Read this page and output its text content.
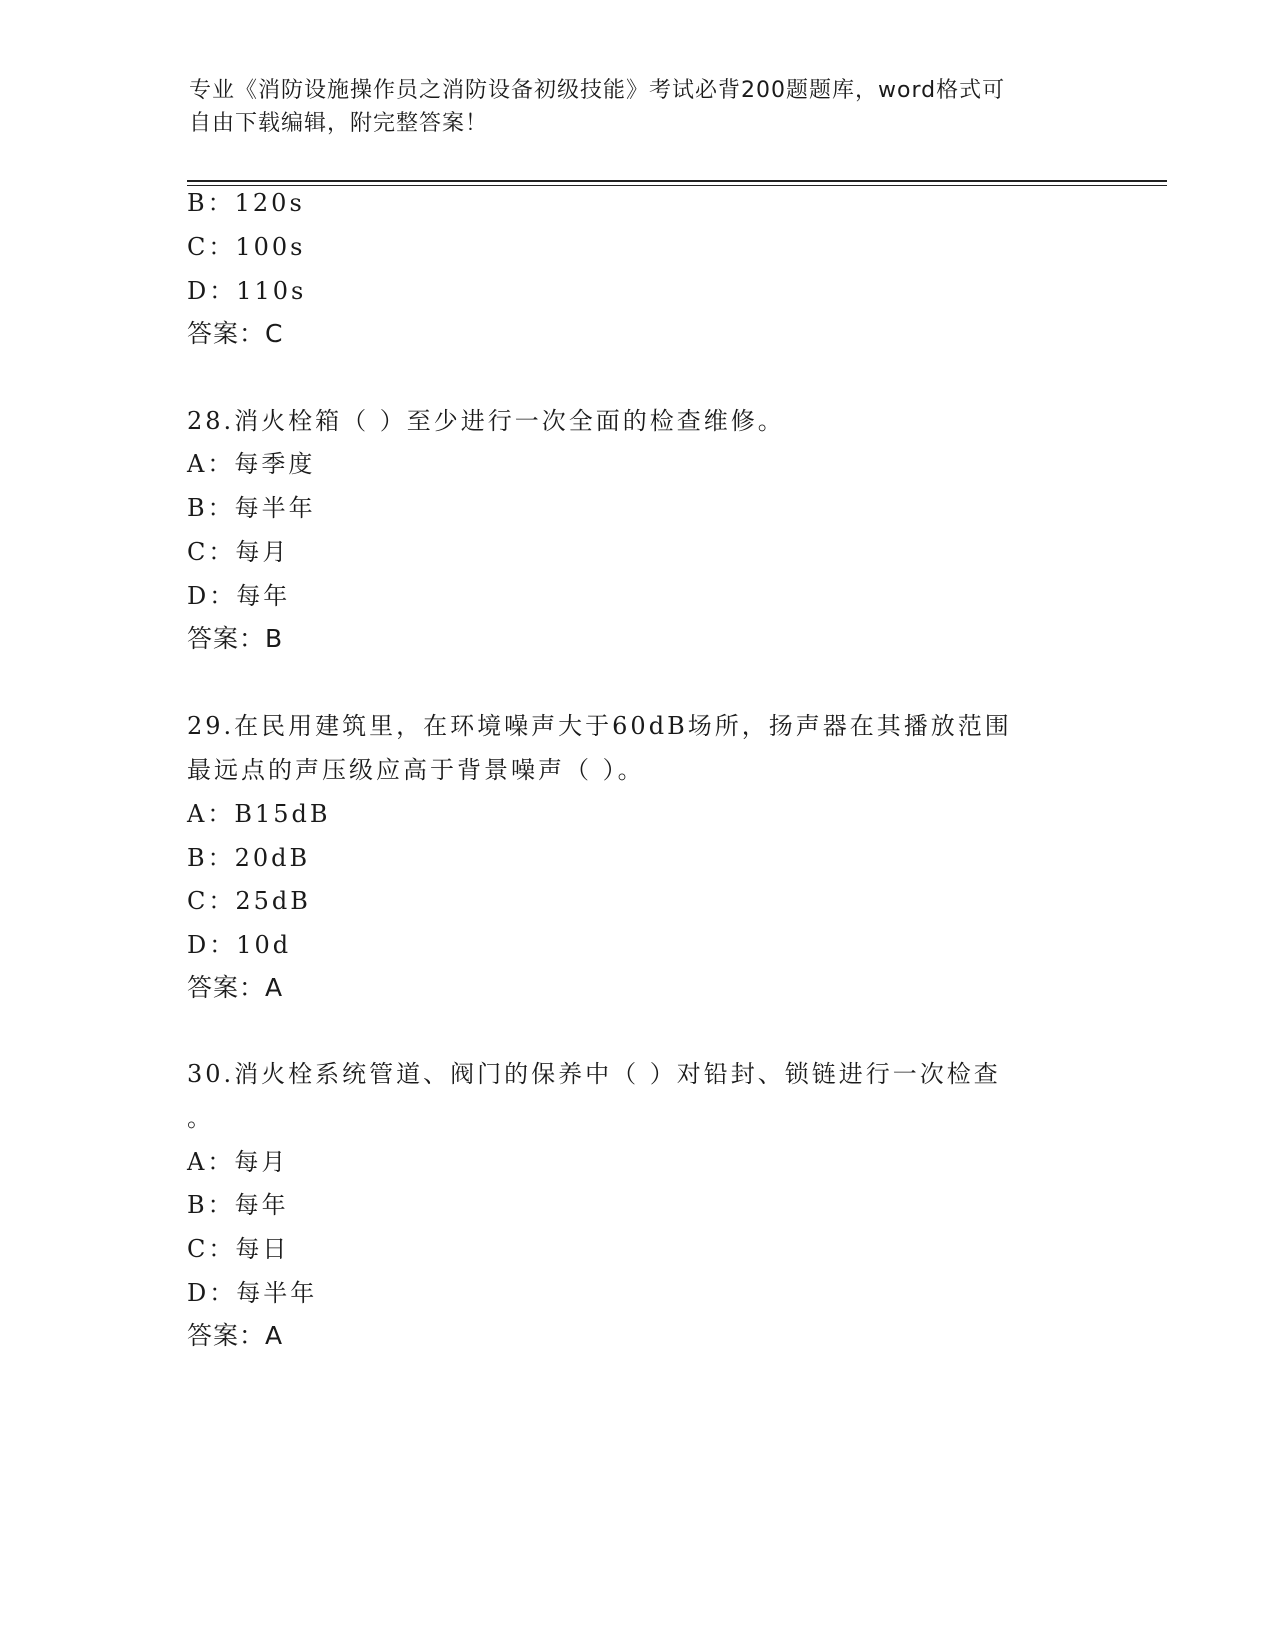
专业《消防设施操作员之消防设备初级技能》考试必背200题题库，word格式可
自由下载编辑，附完整答案！
B：120s
C：100s
D：110s
答案：C
28.消火栓箱（ ）至少进行一次全面的检查维修。
A：每季度
B：每半年
C：每月
D：每年
答案：B
29.在民用建筑里，在环境噪声大于60dB场所，扬声器在其播放范围
最远点的声压级应高于背景噪声（ ）。
A：B15dB
B：20dB
C：25dB
D：10d
答案：A
30.消火栓系统管道、阀门的保养中（ ）对铅封、锁链进行一次检查
。
A：每月
B：每年
C：每日
D：每半年
答案：A
